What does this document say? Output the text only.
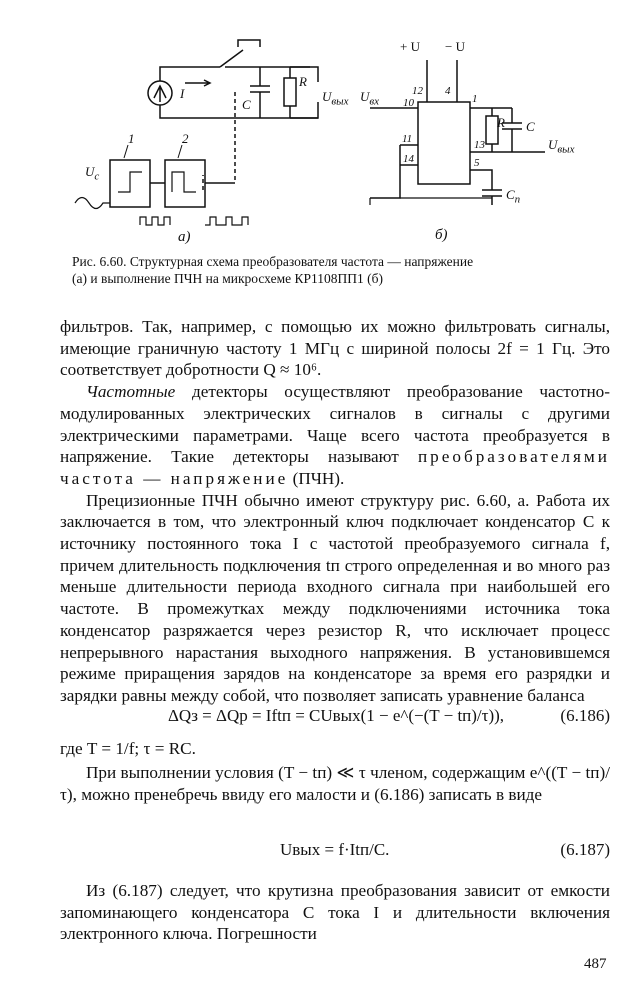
I
C
R
$U_{вых}$
$U_c$
1	2
а)
+ U − U
12 4
$U_{вх}$ 10	1
11	13
14	5
R C
$U_{вых}$
$C_п$
б)

Рис. 6.60. Структурная схема преобразователя частота — напряжение

(а) и выполнение ПЧН на микросхеме КР1108ПП1 (б)

фильтров. Так, например, с помощью их можно фильтровать сигналы, имеющие граничную частоту 1 МГц с шириной полосы 2f = 1 Гц. Это соответствует добротности Q ≈ 10⁶.

Частотные детекторы осуществляют преобразование частотно-модулированных электрических сигналов в сигналы с другими электрическими параметрами. Чаще всего частота преобразуется в напряжение. Такие детекторы называют преобразователями частота — напряжение (ПЧН).

Прецизионные ПЧН обычно имеют структуру рис. 6.60, а. Работа их заключается в том, что электронный ключ подключает конденсатор C к источнику постоянного тока I с частотой преобразуемого сигнала f, причем длительность подключения tп строго определенная и во много раз меньше длительности периода входного сигнала при наибольшей его частоте. В промежутках между подключениями источника тока конденсатор разряжается через резистор R, что исключает процесс непрерывного нарастания выходного напряжения. В установившемся режиме приращения зарядов на конденсаторе за время его разрядки и зарядки равны между собой, что позволяет записать уравнение баланса

ΔQз = ΔQр = Iftп = CUвых(1 − e^(−(T − tп)/τ)),	(6.186)

где T = 1/f; τ = RC.

При выполнении условия (T − tп) ≪ τ членом, содержащим e^((T − tп)/τ), можно пренебречь ввиду его малости и (6.186) записать в виде

Uвых = f·Itп/C.	(6.187)

Из (6.187) следует, что крутизна преобразования зависит от емкости запоминающего конденсатора C тока I и длительности включения электронного ключа. Погрешности

487
